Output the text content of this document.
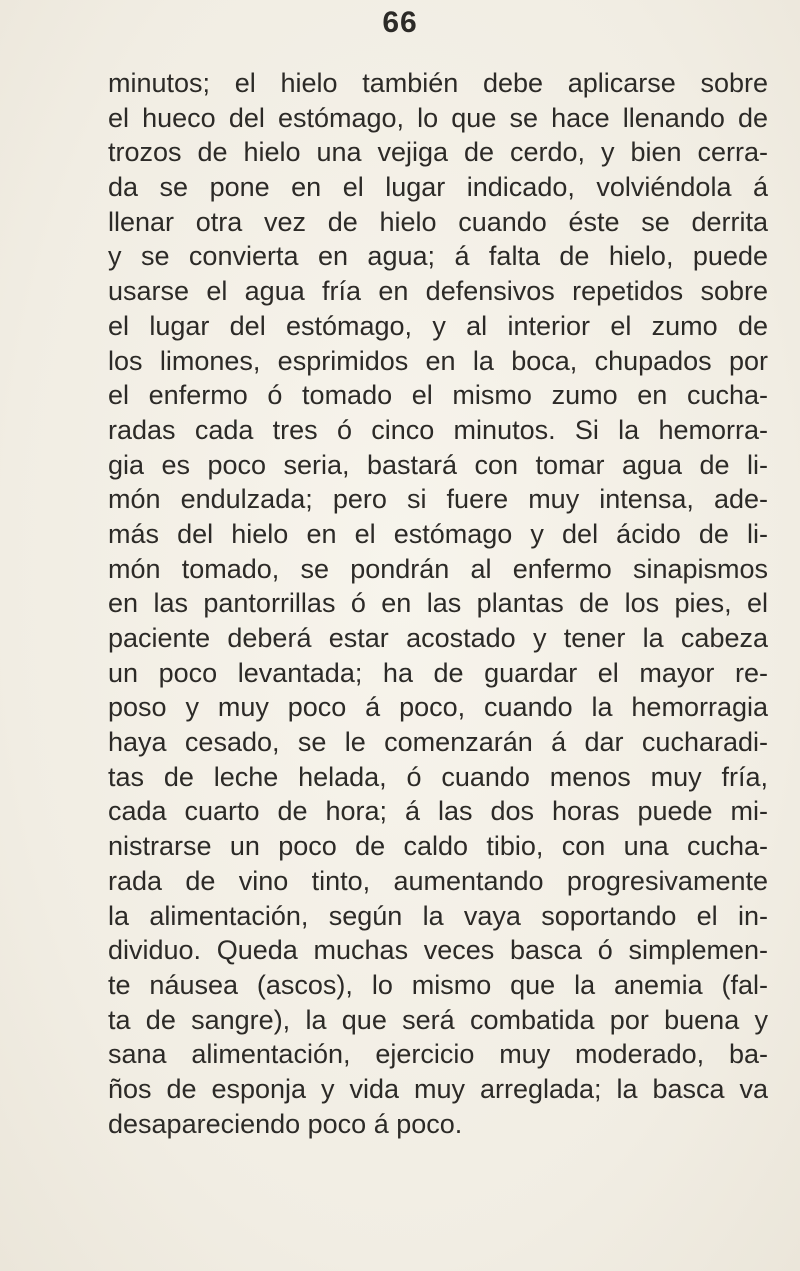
66
minutos; el hielo también debe aplicarse sobre
el hueco del estómago, lo que se hace llenando de
trozos de hielo una vejiga de cerdo, y bien cerra-
da se pone en el lugar indicado, volviéndola á
llenar otra vez de hielo cuando éste se derrita
y se convierta en agua; á falta de hielo, puede
usarse el agua fría en defensivos repetidos sobre
el lugar del estómago, y al interior el zumo de
los limones, esprimidos en la boca, chupados por
el enfermo ó tomado el mismo zumo en cucha-
radas cada tres ó cinco minutos. Si la hemorra-
gia es poco seria, bastará con tomar agua de li-
món endulzada; pero si fuere muy intensa, ade-
más del hielo en el estómago y del ácido de li-
món tomado, se pondrán al enfermo sinapismos
en las pantorrillas ó en las plantas de los pies, el
paciente deberá estar acostado y tener la cabeza
un poco levantada; ha de guardar el mayor re-
poso y muy poco á poco, cuando la hemorragia
haya cesado, se le comenzarán á dar cucharadi-
tas de leche helada, ó cuando menos muy fría,
cada cuarto de hora; á las dos horas puede mi-
nistrarse un poco de caldo tibio, con una cucha-
rada de vino tinto, aumentando progresivamente
la alimentación, según la vaya soportando el in-
dividuo. Queda muchas veces basca ó simplemen-
te náusea (ascos), lo mismo que la anemia (fal-
ta de sangre), la que será combatida por buena y
sana alimentación, ejercicio muy moderado, ba-
ños de esponja y vida muy arreglada; la basca va
desapareciendo poco á poco.
